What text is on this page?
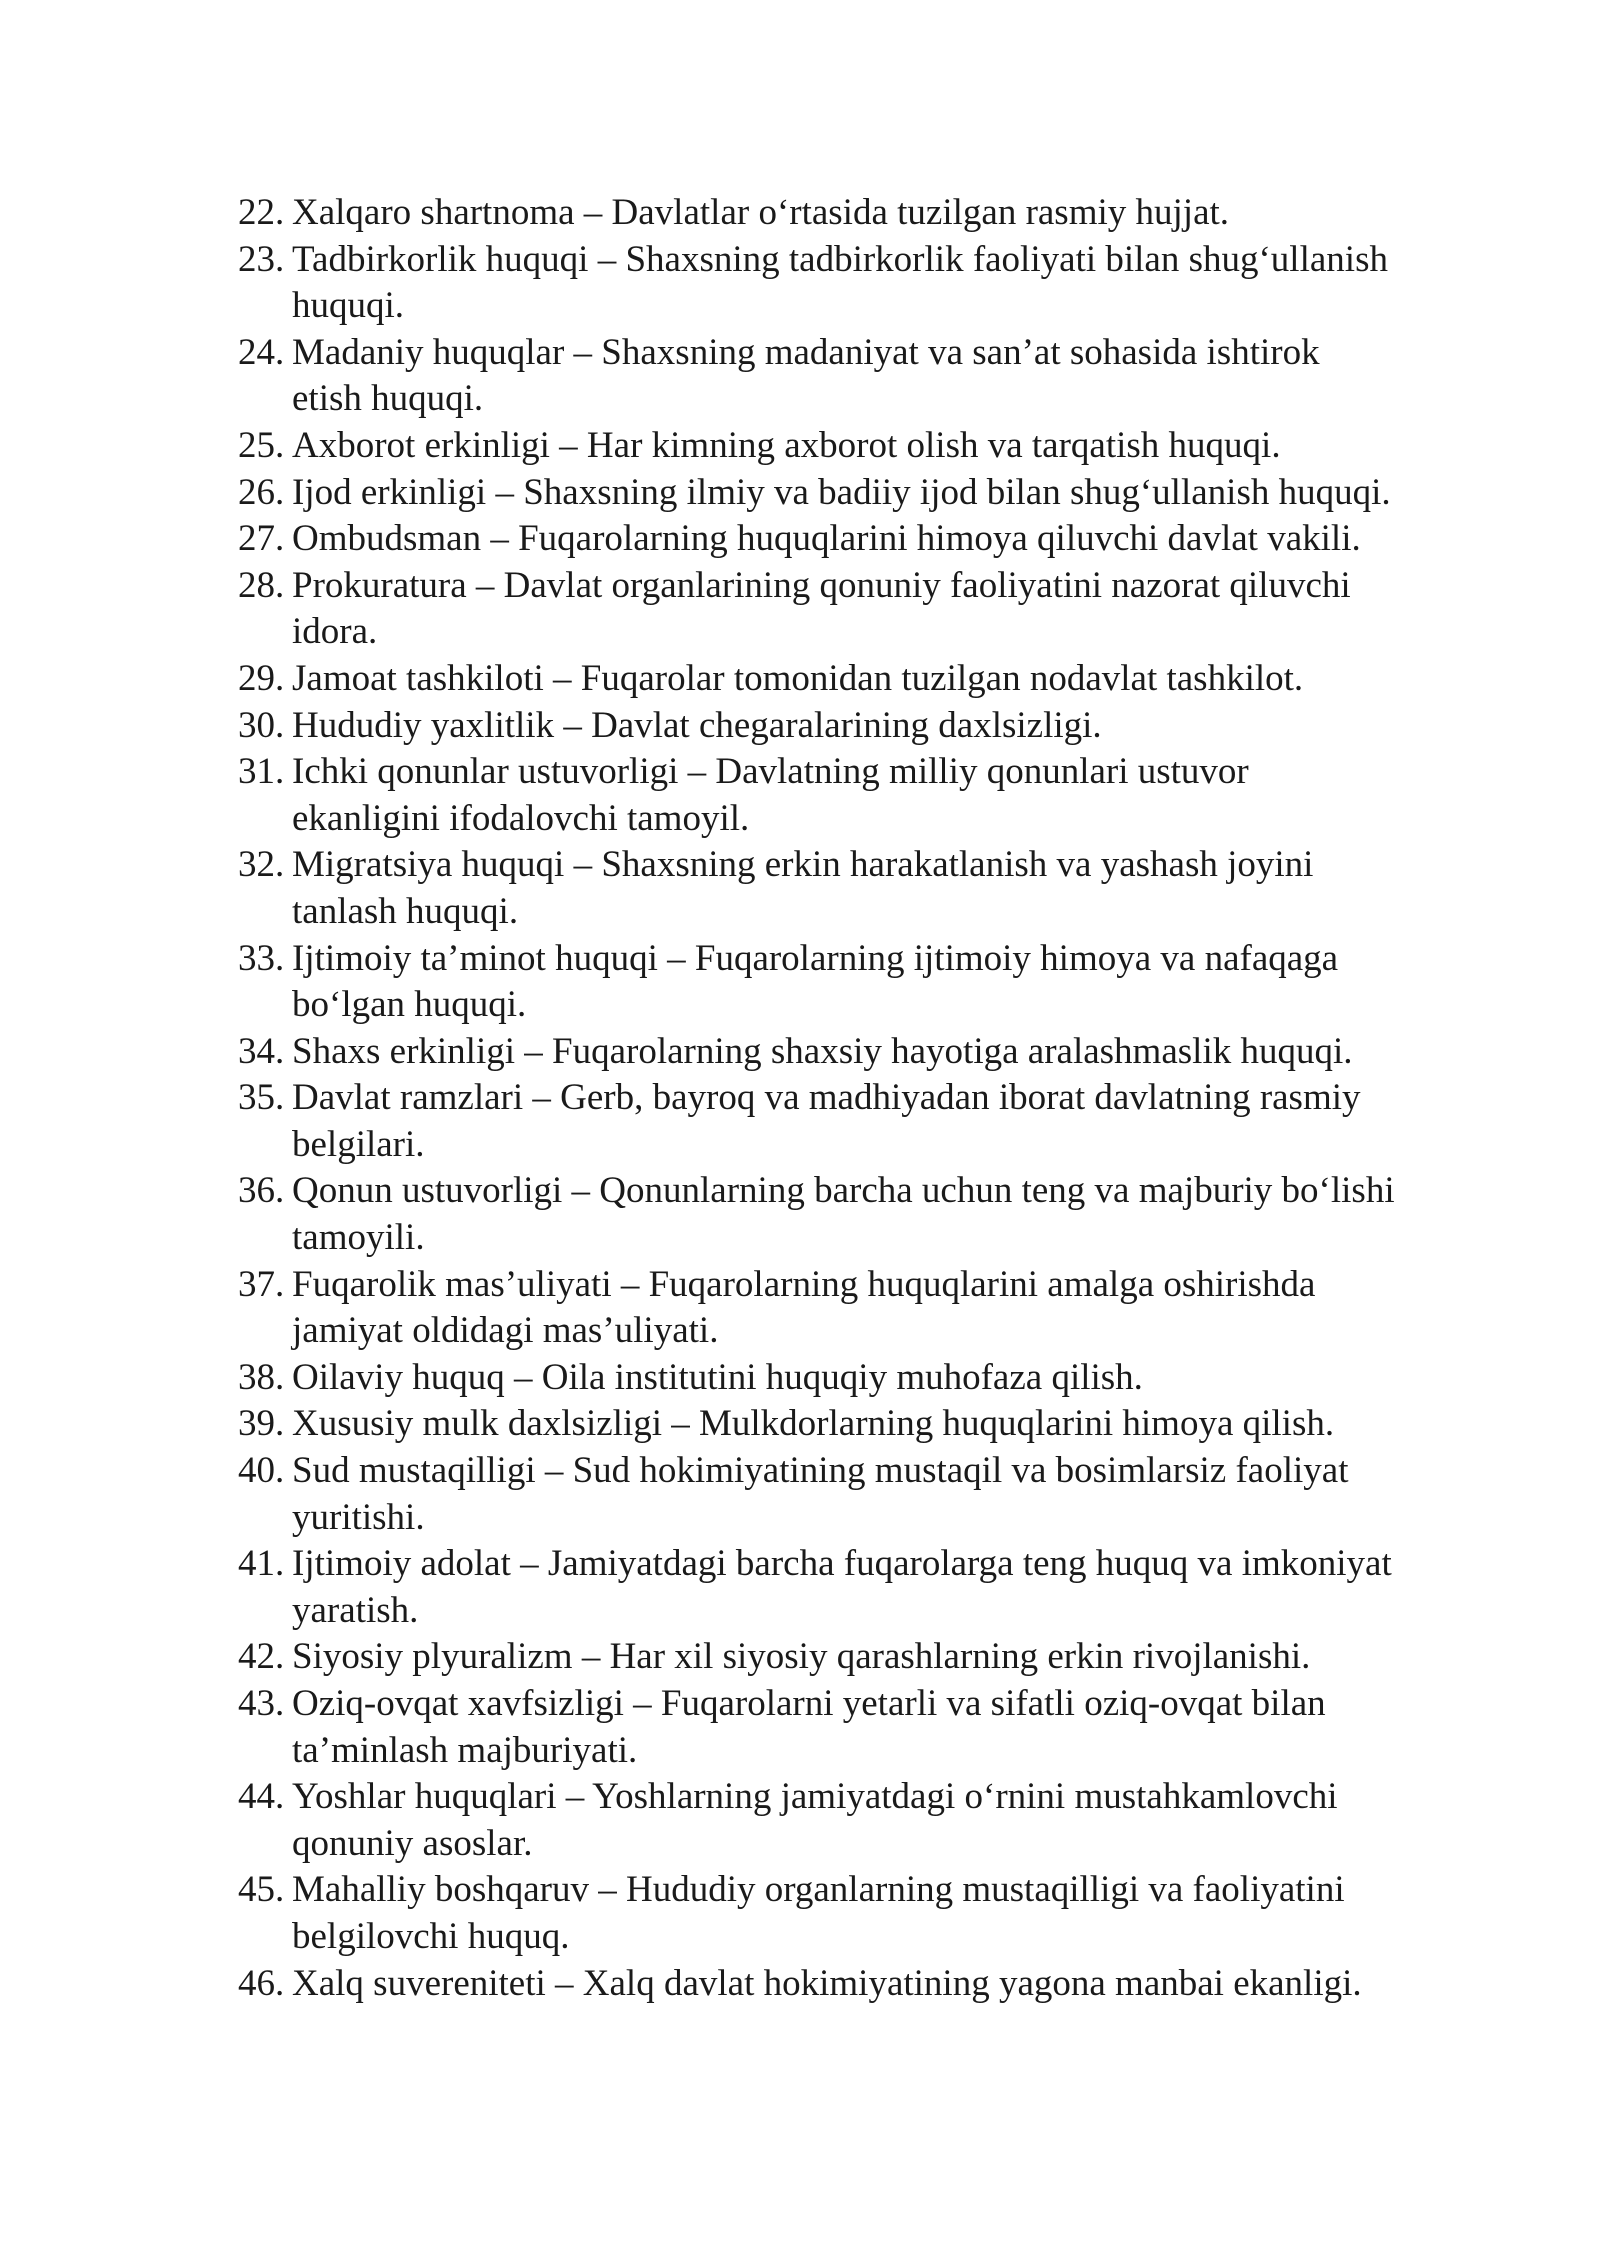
22. Xalqaro shartnoma – Davlatlar o‘rtasida tuzilgan rasmiy hujjat.
23. Tadbirkorlik huquqi – Shaxsning tadbirkorlik faoliyati bilan shug‘ullanish huquqi.
24. Madaniy huquqlar – Shaxsning madaniyat va san’at sohasida ishtirok etish huquqi.
25. Axborot erkinligi – Har kimning axborot olish va tarqatish huquqi.
26. Ijod erkinligi – Shaxsning ilmiy va badiiy ijod bilan shug‘ullanish huquqi.
27. Ombudsman – Fuqarolarning huquqlarini himoya qiluvchi davlat vakili.
28. Prokuratura – Davlat organlarining qonuniy faoliyatini nazorat qiluvchi idora.
29. Jamoat tashkiloti – Fuqarolar tomonidan tuzilgan nodavlat tashkilot.
30. Hududiy yaxlitlik – Davlat chegaralarining daxlsizligi.
31. Ichki qonunlar ustuvorligi – Davlatning milliy qonunlari ustuvor ekanligini ifodalovchi tamoyil.
32. Migratsiya huquqi – Shaxsning erkin harakatlanish va yashash joyini tanlash huquqi.
33. Ijtimoiy ta’minot huquqi – Fuqarolarning ijtimoiy himoya va nafaqaga bo‘lgan huquqi.
34. Shaxs erkinligi – Fuqarolarning shaxsiy hayotiga aralashmaslik huquqi.
35. Davlat ramzlari – Gerb, bayroq va madhiyadan iborat davlatning rasmiy belgilari.
36. Qonun ustuvorligi – Qonunlarning barcha uchun teng va majburiy bo‘lishi tamoyili.
37. Fuqarolik mas’uliyati – Fuqarolarning huquqlarini amalga oshirishda jamiyat oldidagi mas’uliyati.
38. Oilaviy huquq – Oila institutini huquqiy muhofaza qilish.
39. Xususiy mulk daxlsizligi – Mulkdorlarning huquqlarini himoya qilish.
40. Sud mustaqilligi – Sud hokimiyatining mustaqil va bosimlarsiz faoliyat yuritishi.
41. Ijtimoiy adolat – Jamiyatdagi barcha fuqarolarga teng huquq va imkoniyat yaratish.
42. Siyosiy plyuralizm – Har xil siyosiy qarashlarning erkin rivojlanishi.
43. Oziq-ovqat xavfsizligi – Fuqarolarni yetarli va sifatli oziq-ovqat bilan ta’minlash majburiyati.
44. Yoshlar huquqlari – Yoshlarning jamiyatdagi o‘rnini mustahkamlovchi qonuniy asoslar.
45. Mahalliy boshqaruv – Hududiy organlarning mustaqilligi va faoliyatini belgilovchi huquq.
46. Xalq suvereniteti – Xalq davlat hokimiyatining yagona manbai ekanligi.
